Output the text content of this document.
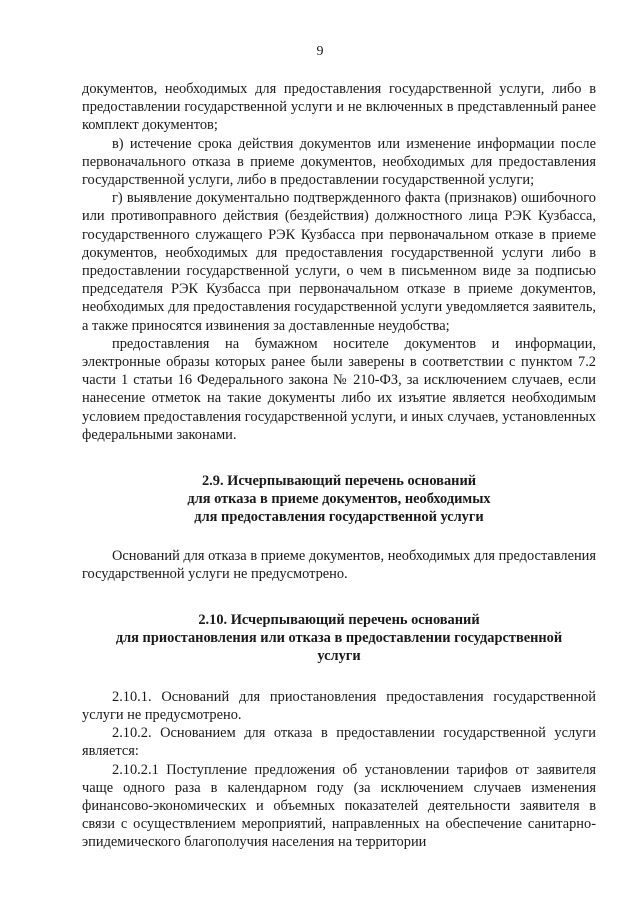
9

документов, необходимых для предоставления государственной услуги, либо в предоставлении государственной услуги и не включенных в представленный ранее комплект документов;

в) истечение срока действия документов или изменение информации после первоначального отказа в приеме документов, необходимых для предоставления государственной услуги, либо в предоставлении государственной услуги;

г) выявление документально подтвержденного факта (признаков) ошибочного или противоправного действия (бездействия) должностного лица РЭК Кузбасса, государственного служащего РЭК Кузбасса при первоначальном отказе в приеме документов, необходимых для предоставления государственной услуги либо в предоставлении государственной услуги, о чем в письменном виде за подписью председателя РЭК Кузбасса при первоначальном отказе в приеме документов, необходимых для предоставления государственной услуги уведомляется заявитель, а также приносятся извинения за доставленные неудобства;

предоставления на бумажном носителе документов и информации, электронные образы которых ранее были заверены в соответствии с пунктом 7.2 части 1 статьи 16 Федерального закона № 210-ФЗ, за исключением случаев, если нанесение отметок на такие документы либо их изъятие является необходимым условием предоставления государственной услуги, и иных случаев, установленных федеральными законами.

2.9. Исчерпывающий перечень оснований

для отказа в приеме документов, необходимых

для предоставления государственной услуги

Оснований для отказа в приеме документов, необходимых для предоставления государственной услуги не предусмотрено.

2.10. Исчерпывающий перечень оснований

для приостановления или отказа в предоставлении государственной

услуги

2.10.1. Оснований для приостановления предоставления государственной услуги не предусмотрено.

2.10.2. Основанием для отказа в предоставлении государственной услуги является:

2.10.2.1 Поступление предложения об установлении тарифов от заявителя чаще одного раза в календарном году (за исключением случаев изменения финансово-экономических и объемных показателей деятельности заявителя в связи с осуществлением мероприятий, направленных на обеспечение санитарно-эпидемического благополучия населения на территории
